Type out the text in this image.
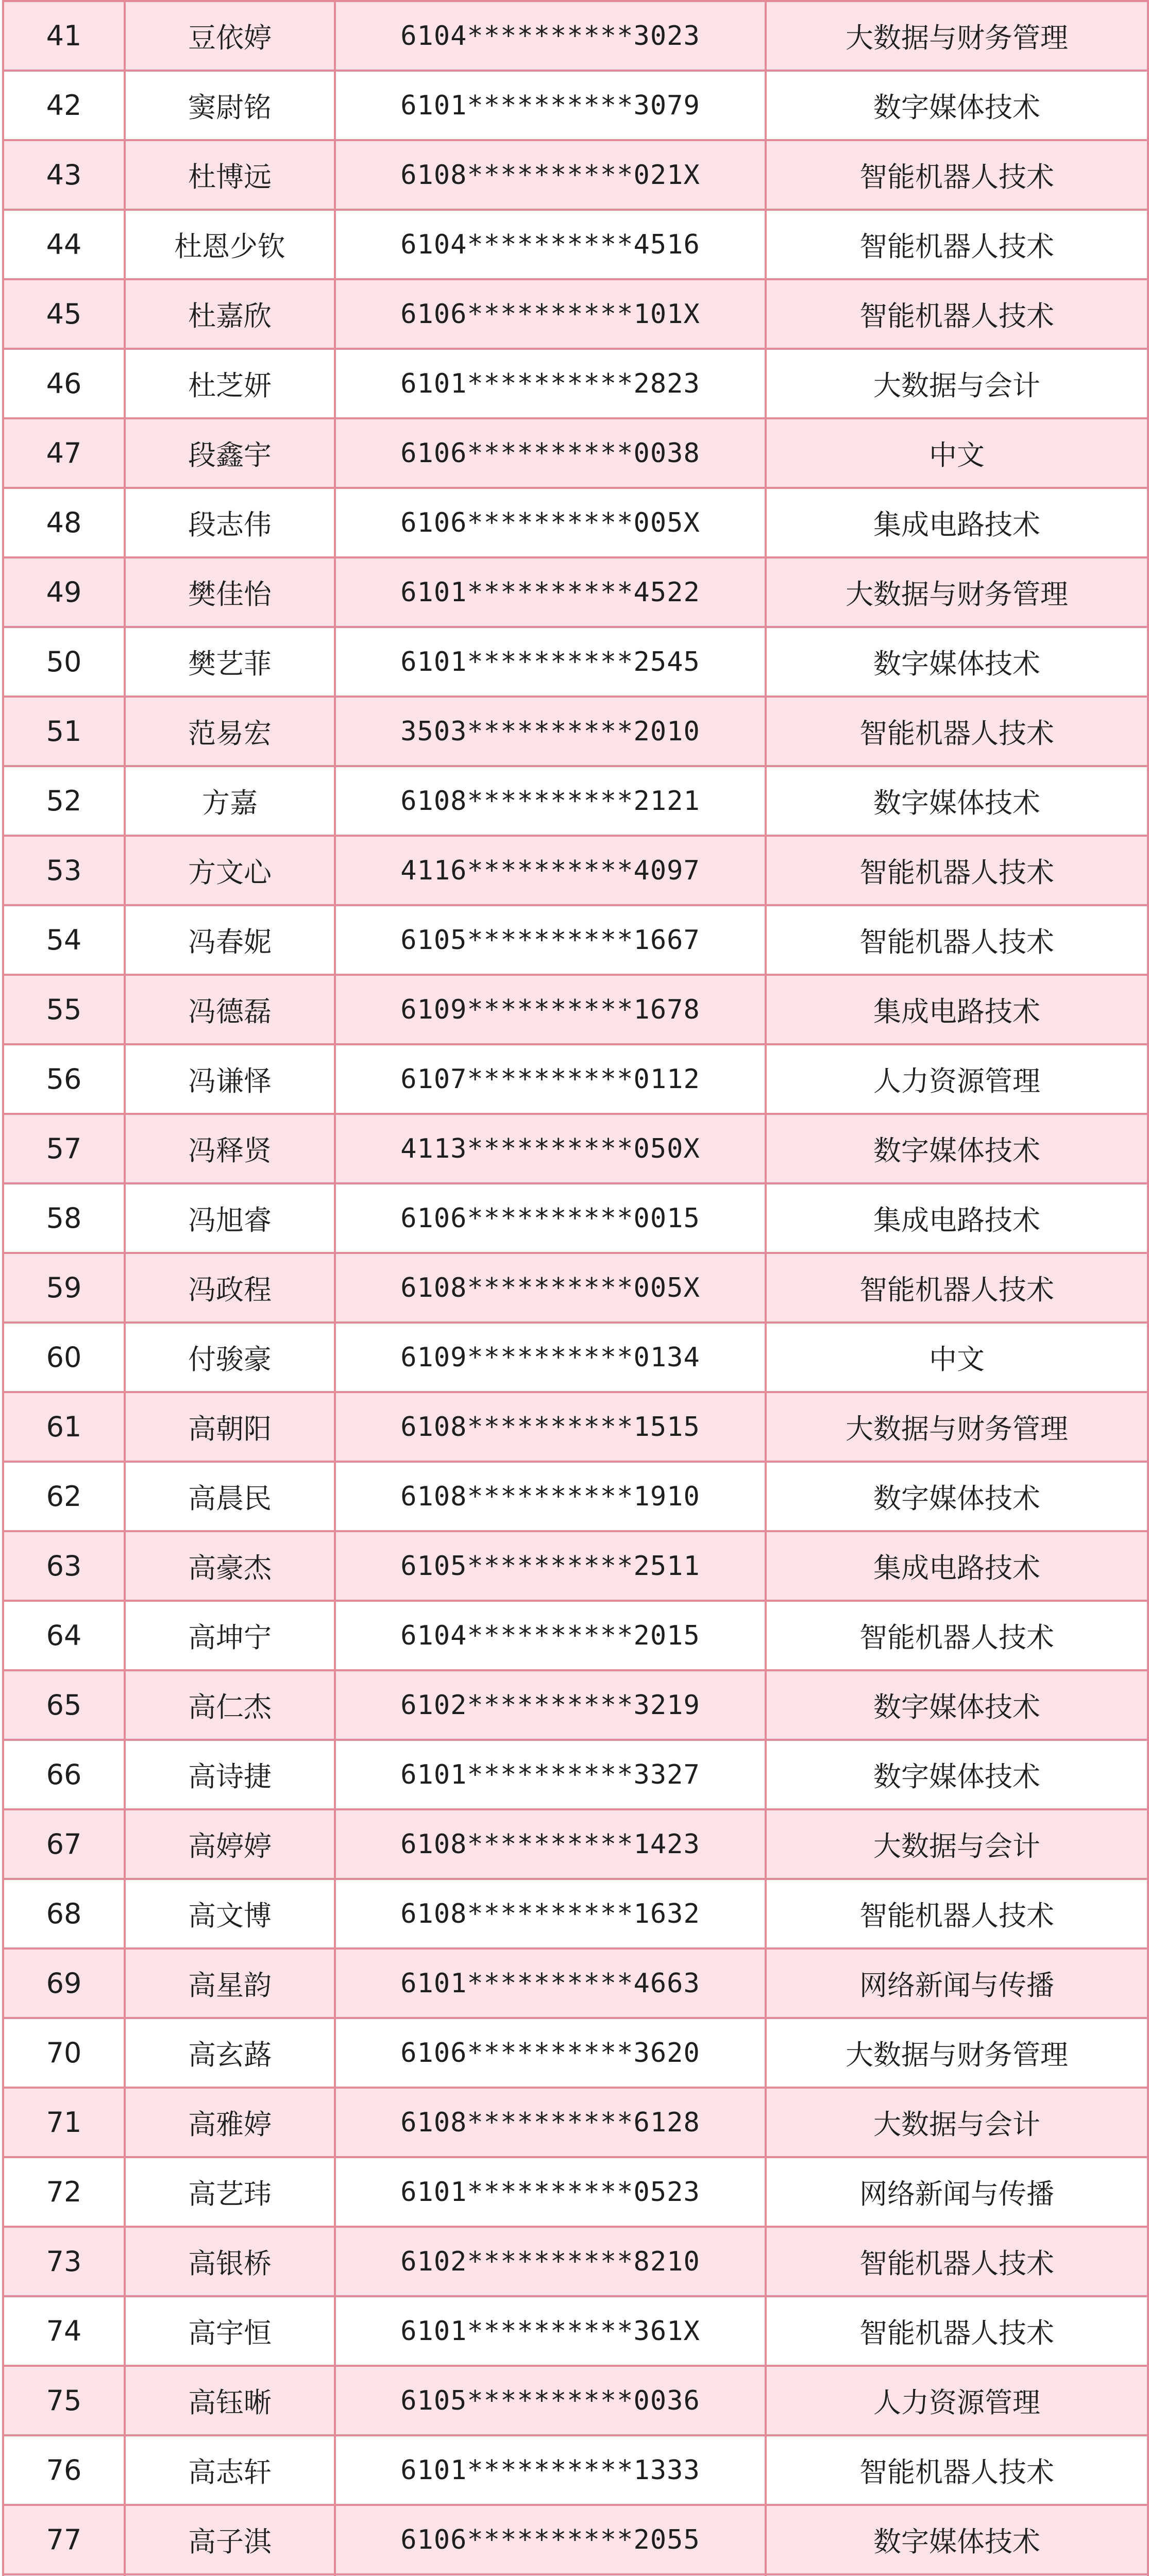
41	豆依婷	6104**********3023	大数据与财务管理
42	窦尉铭	6101**********3079	数字媒体技术
43	杜博远	6108**********021X	智能机器人技术
44	杜恩少钦	6104**********4516	智能机器人技术
45	杜嘉欣	6106**********101X	智能机器人技术
46	杜芝妍	6101**********2823	大数据与会计
47	段鑫宇	6106**********0038	中文
48	段志伟	6106**********005X	集成电路技术
49	樊佳怡	6101**********4522	大数据与财务管理
50	樊艺菲	6101**********2545	数字媒体技术
51	范易宏	3503**********2010	智能机器人技术
52	方嘉	6108**********2121	数字媒体技术
53	方文心	4116**********4097	智能机器人技术
54	冯春妮	6105**********1667	智能机器人技术
55	冯德磊	6109**********1678	集成电路技术
56	冯谦怿	6107**********0112	人力资源管理
57	冯释贤	4113**********050X	数字媒体技术
58	冯旭睿	6106**********0015	集成电路技术
59	冯政程	6108**********005X	智能机器人技术
60	付骏豪	6109**********0134	中文
61	高朝阳	6108**********1515	大数据与财务管理
62	高晨民	6108**********1910	数字媒体技术
63	高豪杰	6105**********2511	集成电路技术
64	高坤宁	6104**********2015	智能机器人技术
65	高仁杰	6102**********3219	数字媒体技术
66	高诗捷	6101**********3327	数字媒体技术
67	高婷婷	6108**********1423	大数据与会计
68	高文博	6108**********1632	智能机器人技术
69	高星韵	6101**********4663	网络新闻与传播
70	高玄蕗	6106**********3620	大数据与财务管理
71	高雅婷	6108**********6128	大数据与会计
72	高艺玮	6101**********0523	网络新闻与传播
73	高银桥	6102**********8210	智能机器人技术
74	高宇恒	6101**********361X	智能机器人技术
75	高钰晰	6105**********0036	人力资源管理
76	高志轩	6101**********1333	智能机器人技术
77	高子淇	6106**********2055	数字媒体技术
